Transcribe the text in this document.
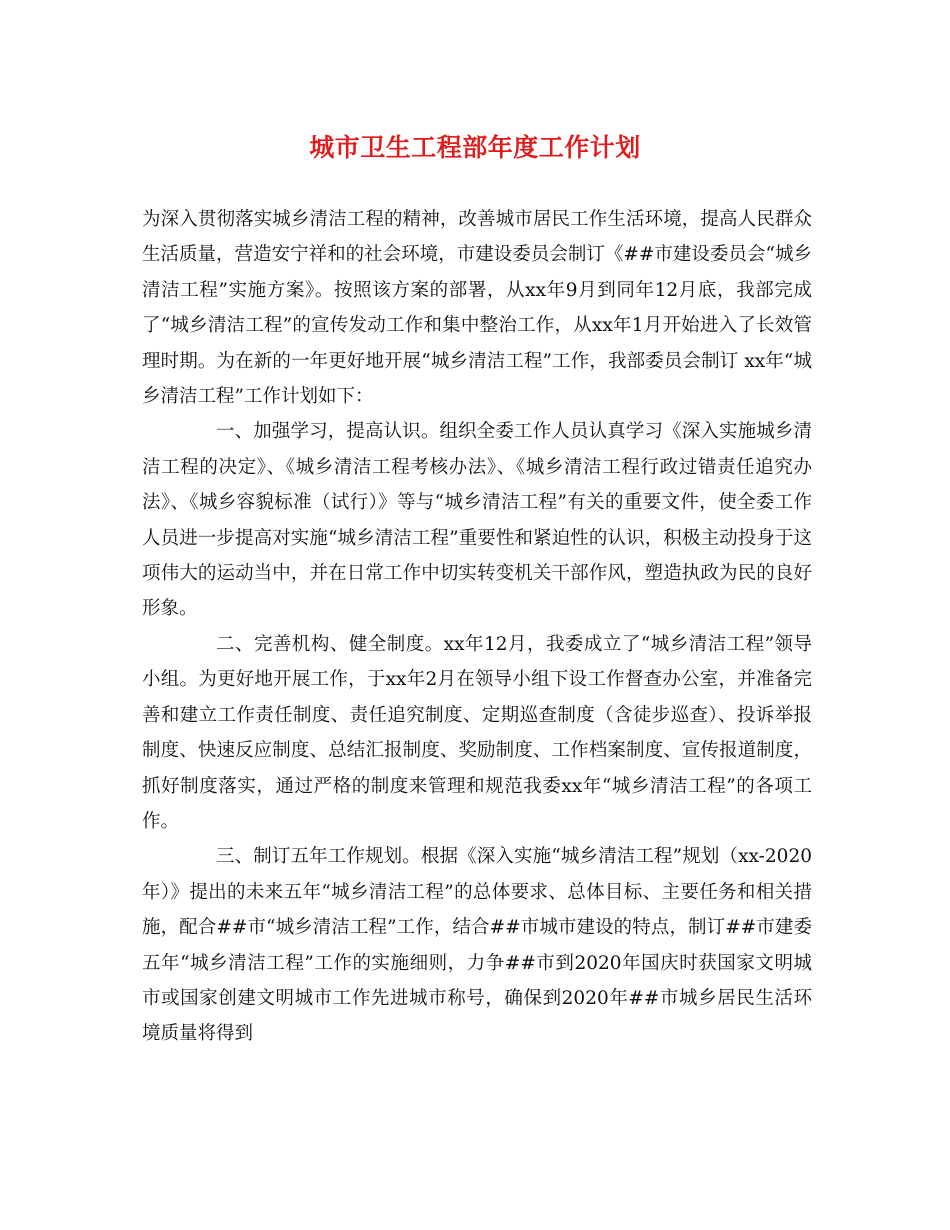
城市卫生工程部年度工作计划

为深入贯彻落实城乡清洁工程的精神，改善城市居民工作生活环境，提高人民群众生活质量，营造安宁祥和的社会环境，市建设委员会制订《##市建设委员会“城乡清洁工程”实施方案》。按照该方案的部署，从xx年9月到同年12月底，我部完成了“城乡清洁工程”的宣传发动工作和集中整治工作，从xx年1月开始进入了长效管理时期。为在新的一年更好地开展“城乡清洁工程”工作，我部委员会制订 xx年“城乡清洁工程”工作计划如下：

一、加强学习，提高认识。组织全委工作人员认真学习《深入实施城乡清洁工程的决定》、《城乡清洁工程考核办法》、《城乡清洁工程行政过错责任追究办法》、《城乡容貌标准（试行）》等与“城乡清洁工程”有关的重要文件，使全委工作人员进一步提高对实施“城乡清洁工程”重要性和紧迫性的认识，积极主动投身于这项伟大的运动当中，并在日常工作中切实转变机关干部作风，塑造执政为民的良好形象。

二、完善机构、健全制度。xx年12月，我委成立了“城乡清洁工程”领导小组。为更好地开展工作，于xx年2月在领导小组下设工作督查办公室，并准备完善和建立工作责任制度、责任追究制度、定期巡查制度（含徒步巡查）、投诉举报制度、快速反应制度、总结汇报制度、奖励制度、工作档案制度、宣传报道制度，抓好制度落实，通过严格的制度来管理和规范我委xx年“城乡清洁工程”的各项工作。

三、制订五年工作规划。根据《深入实施“城乡清洁工程”规划（xx-2020年）》提出的未来五年“城乡清洁工程”的总体要求、总体目标、主要任务和相关措施，配合##市“城乡清洁工程”工作，结合##市城市建设的特点，制订##市建委五年“城乡清洁工程”工作的实施细则，力争##市到2020年国庆时获国家文明城市或国家创建文明城市工作先进城市称号，确保到2020年##市城乡居民生活环境质量将得到
